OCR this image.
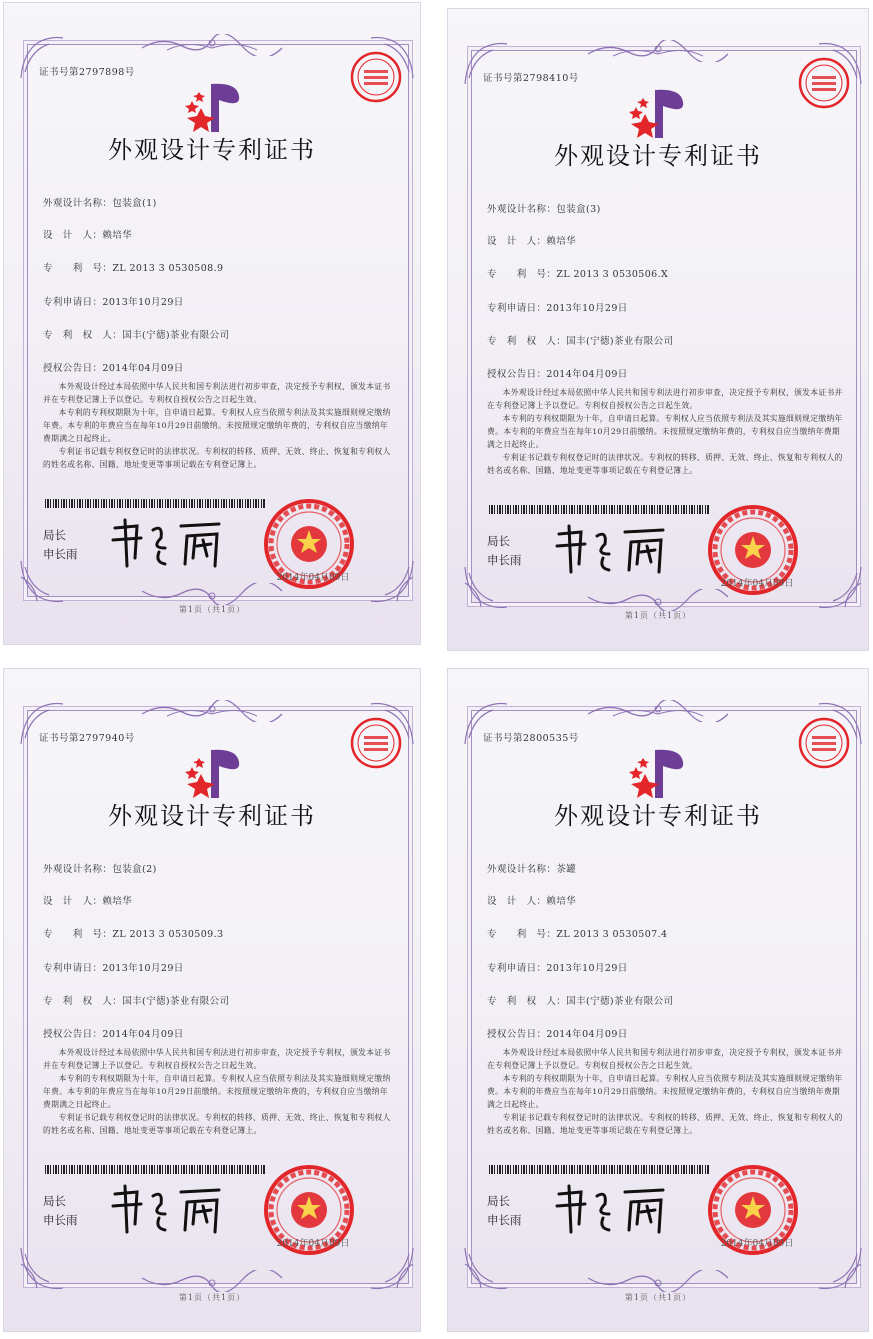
证书号第2797898号
外观设计专利证书
外观设计名称：包装盒(1)
设　计　人：赖培华
专　　利　号：ZL 2013 3 0530508.9
专利申请日：2013年10月29日
专　利　权　人：国丰(宁德)茶业有限公司
授权公告日：2014年04月09日

本外观设计经过本局依照中华人民共和国专利法进行初步审查，决定授予专利权，颁发本证书并在专利登记簿上予以登记。专利权自授权公告之日起生效。

本专利的专利权期限为十年，自申请日起算。专利权人应当依照专利法及其实施细则规定缴纳年费。本专利的年费应当在每年10月29日前缴纳。未按照规定缴纳年费的，专利权自应当缴纳年费期满之日起终止。

专利证书记载专利权登记时的法律状况。专利权的转移、质押、无效、终止、恢复和专利权人的姓名或名称、国籍、地址变更等事项记载在专利登记簿上。

局长
申长雨
2014年04月09日
第1页（共1页）
证书号第2798410号
外观设计专利证书
外观设计名称：包装盒(3)
设　计　人：赖培华
专　　利　号：ZL 2013 3 0530506.X
专利申请日：2013年10月29日
专　利　权　人：国丰(宁德)茶业有限公司
授权公告日：2014年04月09日

本外观设计经过本局依照中华人民共和国专利法进行初步审查，决定授予专利权，颁发本证书并在专利登记簿上予以登记。专利权自授权公告之日起生效。

本专利的专利权期限为十年，自申请日起算。专利权人应当依照专利法及其实施细则规定缴纳年费。本专利的年费应当在每年10月29日前缴纳。未按照规定缴纳年费的，专利权自应当缴纳年费期满之日起终止。

专利证书记载专利权登记时的法律状况。专利权的转移、质押、无效、终止、恢复和专利权人的姓名或名称、国籍、地址变更等事项记载在专利登记簿上。

局长
申长雨
2014年04月09日
第1页（共1页）
证书号第2797940号
外观设计专利证书
外观设计名称：包装盒(2)
设　计　人：赖培华
专　　利　号：ZL 2013 3 0530509.3
专利申请日：2013年10月29日
专　利　权　人：国丰(宁德)茶业有限公司
授权公告日：2014年04月09日

本外观设计经过本局依照中华人民共和国专利法进行初步审查，决定授予专利权，颁发本证书并在专利登记簿上予以登记。专利权自授权公告之日起生效。

本专利的专利权期限为十年，自申请日起算。专利权人应当依照专利法及其实施细则规定缴纳年费。本专利的年费应当在每年10月29日前缴纳。未按照规定缴纳年费的，专利权自应当缴纳年费期满之日起终止。

专利证书记载专利权登记时的法律状况。专利权的转移、质押、无效、终止、恢复和专利权人的姓名或名称、国籍、地址变更等事项记载在专利登记簿上。

局长
申长雨
2014年04月09日
第1页（共1页）
证书号第2800535号
外观设计专利证书
外观设计名称：茶罐
设　计　人：赖培华
专　　利　号：ZL 2013 3 0530507.4
专利申请日：2013年10月29日
专　利　权　人：国丰(宁德)茶业有限公司
授权公告日：2014年04月09日

本外观设计经过本局依照中华人民共和国专利法进行初步审查，决定授予专利权，颁发本证书并在专利登记簿上予以登记。专利权自授权公告之日起生效。

本专利的专利权期限为十年，自申请日起算。专利权人应当依照专利法及其实施细则规定缴纳年费。本专利的年费应当在每年10月29日前缴纳。未按照规定缴纳年费的，专利权自应当缴纳年费期满之日起终止。

专利证书记载专利权登记时的法律状况。专利权的转移、质押、无效、终止、恢复和专利权人的姓名或名称、国籍、地址变更等事项记载在专利登记簿上。

局长
申长雨
2014年04月09日
第1页（共1页）
